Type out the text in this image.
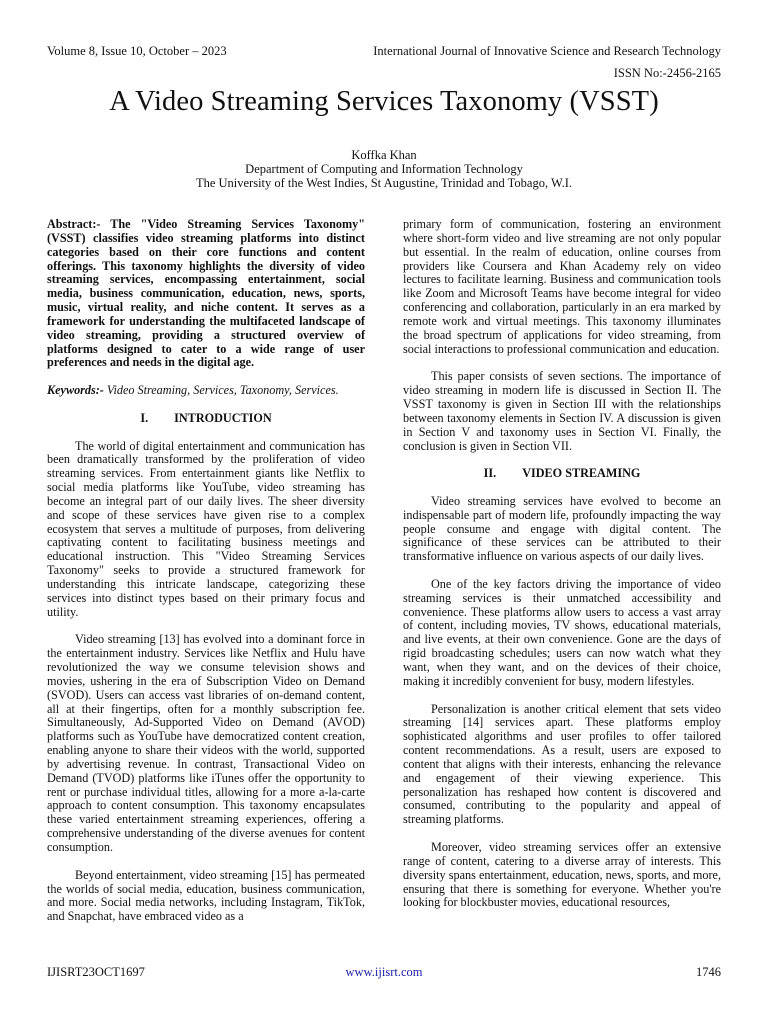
Volume 8, Issue 10, October – 2023	International Journal of Innovative Science and Research Technology
ISSN No:-2456-2165
A Video Streaming Services Taxonomy (VSST)
Koffka Khan
Department of Computing and Information Technology
The University of the West Indies, St Augustine, Trinidad and Tobago, W.I.

Abstract:- The "Video Streaming Services Taxonomy" (VSST) classifies video streaming platforms into distinct categories based on their core functions and content offerings. This taxonomy highlights the diversity of video streaming services, encompassing entertainment, social media, business communication, education, news, sports, music, virtual reality, and niche content. It serves as a framework for understanding the multifaceted landscape of video streaming, providing a structured overview of platforms designed to cater to a wide range of user preferences and needs in the digital age.

Keywords:- Video Streaming, Services, Taxonomy, Services.

I. INTRODUCTION

The world of digital entertainment and communication has been dramatically transformed by the proliferation of video streaming services. From entertainment giants like Netflix to social media platforms like YouTube, video streaming has become an integral part of our daily lives. The sheer diversity and scope of these services have given rise to a complex ecosystem that serves a multitude of purposes, from delivering captivating content to facilitating business meetings and educational instruction. This "Video Streaming Services Taxonomy" seeks to provide a structured framework for understanding this intricate landscape, categorizing these services into distinct types based on their primary focus and utility.

Video streaming [13] has evolved into a dominant force in the entertainment industry. Services like Netflix and Hulu have revolutionized the way we consume television shows and movies, ushering in the era of Subscription Video on Demand (SVOD). Users can access vast libraries of on-demand content, all at their fingertips, often for a monthly subscription fee. Simultaneously, Ad-Supported Video on Demand (AVOD) platforms such as YouTube have democratized content creation, enabling anyone to share their videos with the world, supported by advertising revenue. In contrast, Transactional Video on Demand (TVOD) platforms like iTunes offer the opportunity to rent or purchase individual titles, allowing for a more a-la-carte approach to content consumption. This taxonomy encapsulates these varied entertainment streaming experiences, offering a comprehensive understanding of the diverse avenues for content consumption.

Beyond entertainment, video streaming [15] has permeated the worlds of social media, education, business communication, and more. Social media networks, including Instagram, TikTok, and Snapchat, have embraced video as a

primary form of communication, fostering an environment where short-form video and live streaming are not only popular but essential. In the realm of education, online courses from providers like Coursera and Khan Academy rely on video lectures to facilitate learning. Business and communication tools like Zoom and Microsoft Teams have become integral for video conferencing and collaboration, particularly in an era marked by remote work and virtual meetings. This taxonomy illuminates the broad spectrum of applications for video streaming, from social interactions to professional communication and education.

This paper consists of seven sections. The importance of video streaming in modern life is discussed in Section II. The VSST taxonomy is given in Section III with the relationships between taxonomy elements in Section IV. A discussion is given in Section V and taxonomy uses in Section VI. Finally, the conclusion is given in Section VII.

II. VIDEO STREAMING

Video streaming services have evolved to become an indispensable part of modern life, profoundly impacting the way people consume and engage with digital content. The significance of these services can be attributed to their transformative influence on various aspects of our daily lives.

One of the key factors driving the importance of video streaming services is their unmatched accessibility and convenience. These platforms allow users to access a vast array of content, including movies, TV shows, educational materials, and live events, at their own convenience. Gone are the days of rigid broadcasting schedules; users can now watch what they want, when they want, and on the devices of their choice, making it incredibly convenient for busy, modern lifestyles.

Personalization is another critical element that sets video streaming [14] services apart. These platforms employ sophisticated algorithms and user profiles to offer tailored content recommendations. As a result, users are exposed to content that aligns with their interests, enhancing the relevance and engagement of their viewing experience. This personalization has reshaped how content is discovered and consumed, contributing to the popularity and appeal of streaming platforms.

Moreover, video streaming services offer an extensive range of content, catering to a diverse array of interests. This diversity spans entertainment, education, news, sports, and more, ensuring that there is something for everyone. Whether you're looking for blockbuster movies, educational resources,

IJISRT23OCT1697	www.ijisrt.com	1746
